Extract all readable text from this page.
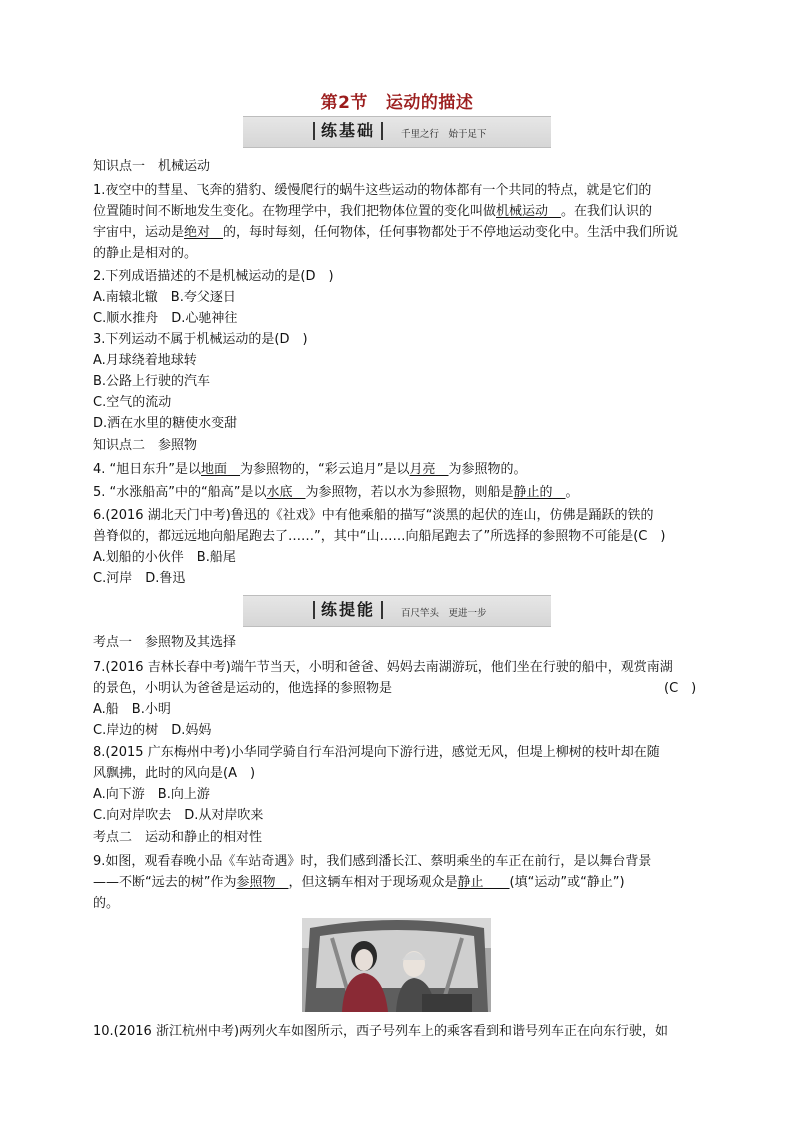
第2节 运动的描述
练基础	千里之行　始于足下
知识点一　机械运动
1.夜空中的彗星、飞奔的猎豹、缓慢爬行的蜗牛这些运动的物体都有一个共同的特点，就是它们的
位置随时间不断地发生变化。在物理学中，我们把物体位置的变化叫做机械运动  。在我们认识的
宇宙中，运动是绝对  的，每时每刻，任何物体，任何事物都处于不停地运动变化中。生活中我们所说
的静止是相对的。
2.下列成语描述的不是机械运动的是(D　)
A.南辕北辙　B.夸父逐日
C.顺水推舟　D.心驰神往
3.下列运动不属于机械运动的是(D　)
A.月球绕着地球转
B.公路上行驶的汽车
C.空气的流动
D.洒在水里的糖使水变甜
知识点二　参照物
4. “旭日东升”是以地面  为参照物的，“彩云追月”是以月亮  为参照物的。
5. “水涨船高”中的“船高”是以水底  为参照物，若以水为参照物，则船是静止的  。
6.(2016 湖北天门中考)鲁迅的《社戏》中有他乘船的描写“淡黑的起伏的连山，仿佛是踊跃的铁的
兽脊似的，都远远地向船尾跑去了……”，其中“山……向船尾跑去了”所选择的参照物不可能是(C　)
A.划船的小伙伴　B.船尾
C.河岸　D.鲁迅
练提能	百尺竿头　更进一步
考点一　参照物及其选择
7.(2016 吉林长春中考)端午节当天，小明和爸爸、妈妈去南湖游玩，他们坐在行驶的船中，观赏南湖
的景色，小明认为爸爸是运动的，他选择的参照物是	(C　)
A.船　B.小明
C.岸边的树　D.妈妈
8.(2015 广东梅州中考)小华同学骑自行车沿河堤向下游行进，感觉无风，但堤上柳树的枝叶却在随
风飘拂，此时的风向是(A　)
A.向下游　B.向上游
C.向对岸吹去　D.从对岸吹来
考点二　运动和静止的相对性
9.如图，观看春晚小品《车站奇遇》时，我们感到潘长江、蔡明乘坐的车正在前行，是以舞台背景
——不断“远去的树”作为参照物  ，但这辆车相对于现场观众是静止   (填“运动”或“静止”)
的。
10.(2016 浙江杭州中考)两列火车如图所示，西子号列车上的乘客看到和谐号列车正在向东行驶，如
